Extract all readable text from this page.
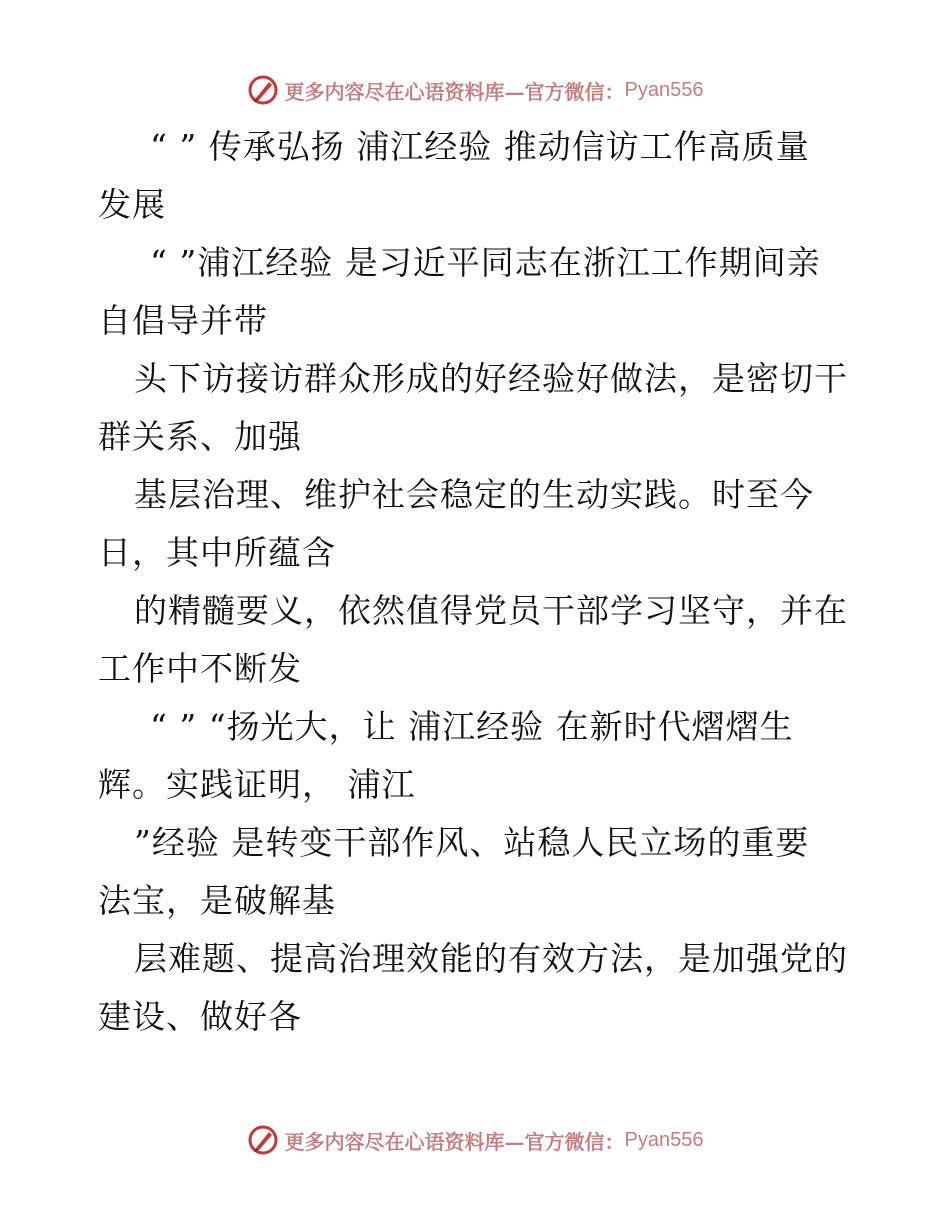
更多内容尽在心语资料库—官方微信： Pyan556
“ ” 传承弘扬 浦江经验 推动信访工作高质量
发展
“ ”浦江经验 是习近平同志在浙江工作期间亲
自倡导并带
头下访接访群众形成的好经验好做法，是密切干
群关系、加强
基层治理、维护社会稳定的生动实践。时至今
日，其中所蕴含
的精髓要义，依然值得党员干部学习坚守，并在
工作中不断发
“ ” “扬光大，让 浦江经验 在新时代熠熠生
辉。实践证明， 浦江
”经验 是转变干部作风、站稳人民立场的重要
法宝，是破解基
层难题、提高治理效能的有效方法，是加强党的
建设、做好各
更多内容尽在心语资料库—官方微信： Pyan556
